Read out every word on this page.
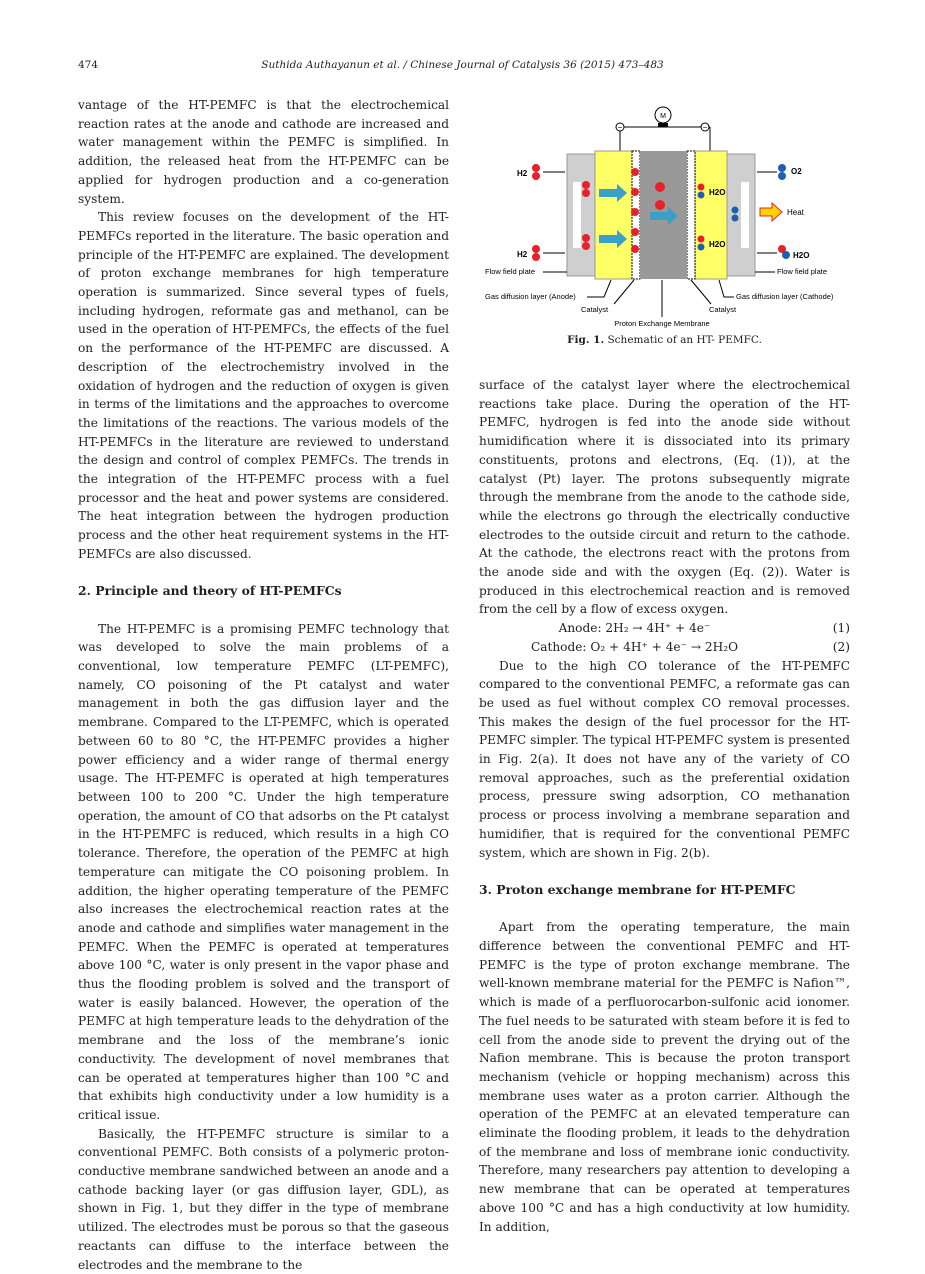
474	Suthida Authayanun et al. / Chinese Journal of Catalysis 36 (2015) 473–483

vantage of the HT-PEMFC is that the electrochemical reaction rates at the anode and cathode are increased and water management within the PEMFC is simplified. In addition, the released heat from the HT-PEMFC can be applied for hydrogen production and a co-generation system.

This review focuses on the development of the HT-PEMFCs reported in the literature. The basic operation and principle of the HT-PEMFC are explained. The development of proton exchange membranes for high temperature operation is summarized. Since several types of fuels, including hydrogen, reformate gas and methanol, can be used in the operation of HT-PEMFCs, the effects of the fuel on the performance of the HT-PEMFC are discussed. A description of the electrochemistry involved in the oxidation of hydrogen and the reduction of oxygen is given in terms of the limitations and the approaches to overcome the limitations of the reactions. The various models of the HT-PEMFCs in the literature are reviewed to understand the design and control of complex PEMFCs. The trends in the integration of the HT-PEMFC process with a fuel processor and the heat and power systems are considered. The heat integration between the hydrogen production process and the other heat requirement systems in the HT-PEMFCs are also discussed.

2. Principle and theory of HT-PEMFCs

The HT-PEMFC is a promising PEMFC technology that was developed to solve the main problems of a conventional, low temperature PEMFC (LT-PEMFC), namely, CO poisoning of the Pt catalyst and water management in both the gas diffusion layer and the membrane. Compared to the LT-PEMFC, which is operated between 60 to 80 °C, the HT-PEMFC provides a higher power efficiency and a wider range of thermal energy usage. The HT-PEMFC is operated at high temperatures between 100 to 200 °C. Under the high temperature operation, the amount of CO that adsorbs on the Pt catalyst in the HT-PEMFC is reduced, which results in a high CO tolerance. Therefore, the operation of the PEMFC at high temperature can mitigate the CO poisoning problem. In addition, the higher operating temperature of the PEMFC also increases the electrochemical reaction rates at the anode and cathode and simplifies water management in the PEMFC. When the PEMFC is operated at temperatures above 100 °C, water is only present in the vapor phase and thus the flooding problem is solved and the transport of water is easily balanced. However, the operation of the PEMFC at high temperature leads to the dehydration of the membrane and the loss of the membrane’s ionic conductivity. The development of novel membranes that can be operated at temperatures higher than 100 °C and that exhibits high conductivity under a low humidity is a critical issue.

Basically, the HT-PEMFC structure is similar to a conventional PEMFC. Both consists of a polymeric proton-conductive membrane sandwiched between an anode and a cathode backing layer (or gas diffusion layer, GDL), as shown in Fig. 1, but they differ in the type of membrane utilized. The electrodes must be porous so that the gaseous reactants can diffuse to the interface between the electrodes and the membrane to the

−	−
M
H2
H2
H2O
H2O
O2
Heat
H2O
Flow field plate	Flow field plate
Gas diffusion layer (Anode)	Gas diffusion layer (Cathode)
Catalyst	Catalyst
Proton Exchange Membrane
Fig. 1. Schematic of an HT- PEMFC.

surface of the catalyst layer where the electrochemical reactions take place. During the operation of the HT-PEMFC, hydrogen is fed into the anode side without humidification where it is dissociated into its primary constituents, protons and electrons, (Eq. (1)), at the catalyst (Pt) layer. The protons subsequently migrate through the membrane from the anode to the cathode side, while the electrons go through the electrically conductive electrodes to the outside circuit and return to the cathode. At the cathode, the electrons react with the protons from the anode side and with the oxygen (Eq. (2)). Water is produced in this electrochemical reaction and is removed from the cell by a flow of excess oxygen.

Anode: 2H₂ → 4H⁺ + 4e⁻	(1)
Cathode: O₂ + 4H⁺ + 4e⁻ → 2H₂O	(2)

Due to the high CO tolerance of the HT-PEMFC compared to the conventional PEMFC, a reformate gas can be used as fuel without complex CO removal processes. This makes the design of the fuel processor for the HT-PEMFC simpler. The typical HT-PEMFC system is presented in Fig. 2(a). It does not have any of the variety of CO removal approaches, such as the preferential oxidation process, pressure swing adsorption, CO methanation process or process involving a membrane separation and humidifier, that is required for the conventional PEMFC system, which are shown in Fig. 2(b).

3. Proton exchange membrane for HT-PEMFC

Apart from the operating temperature, the main difference between the conventional PEMFC and HT-PEMFC is the type of proton exchange membrane. The well-known membrane material for the PEMFC is Nafion™, which is made of a perfluorocarbon-sulfonic acid ionomer. The fuel needs to be saturated with steam before it is fed to cell from the anode side to prevent the drying out of the Nafion membrane. This is because the proton transport mechanism (vehicle or hopping mechanism) across this membrane uses water as a proton carrier. Although the operation of the PEMFC at an elevated temperature can eliminate the flooding problem, it leads to the dehydration of the membrane and loss of membrane ionic conductivity. Therefore, many researchers pay attention to developing a new membrane that can be operated at temperatures above 100 °C and has a high conductivity at low humidity. In addition,
